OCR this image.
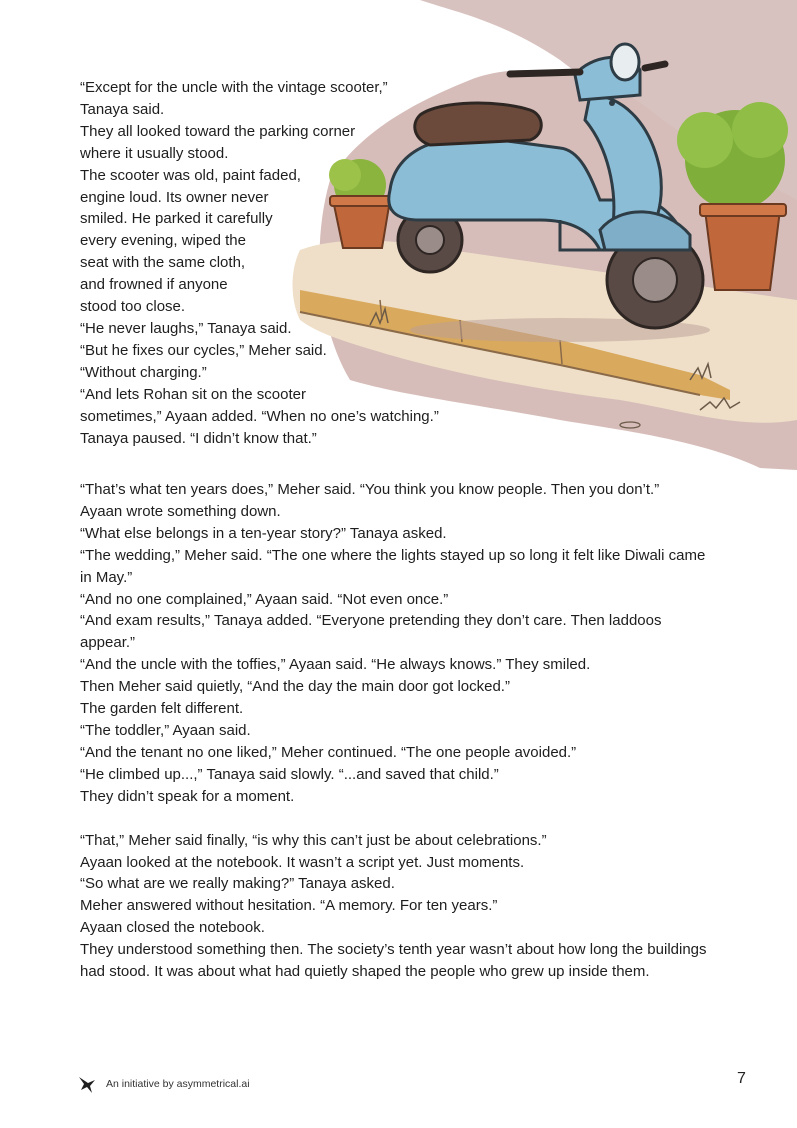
“Except for the uncle with the vintage scooter,”

Tanaya said.

They all looked toward the parking corner

where it usually stood.

The scooter was old, paint faded,

engine loud. Its owner never

smiled. He parked it carefully

every evening, wiped the

seat with the same cloth,

and frowned if anyone

stood too close.

“He never laughs,” Tanaya said.

“But he fixes our cycles,” Meher said.

“Without charging.”

“And lets Rohan sit on the scooter

sometimes,” Ayaan added. “When no one’s watching.”

Tanaya paused. “I didn’t know that.”

“That’s what ten years does,” Meher said. “You think you know people. Then you don’t.”

Ayaan wrote something down.

“What else belongs in a ten-year story?” Tanaya asked.

“The wedding,” Meher said. “The one where the lights stayed up so long it felt like Diwali came in May.”

“And no one complained,” Ayaan said. “Not even once.”

“And exam results,” Tanaya added. “Everyone pretending they don’t care. Then laddoos appear.”

“And the uncle with the toffies,” Ayaan said. “He always knows.” They smiled.

Then Meher said quietly, “And the day the main door got locked.”

The garden felt different.

“The toddler,” Ayaan said.

“And the tenant no one liked,” Meher continued. “The one people avoided.”

“He climbed up...,” Tanaya said slowly. “...and saved that child.”

They didn’t speak for a moment.

“That,” Meher said finally, “is why this can’t just be about celebrations.”

Ayaan looked at the notebook. It wasn’t a script yet. Just moments.

“So what are we really making?” Tanaya asked.

Meher answered without hesitation. “A memory. For ten years.”

Ayaan closed the notebook.

They understood something then. The society’s tenth year wasn’t about how long the buildings had stood. It was about what had quietly shaped the people who grew up inside them.

An initiative by asymmetrical.ai	7
